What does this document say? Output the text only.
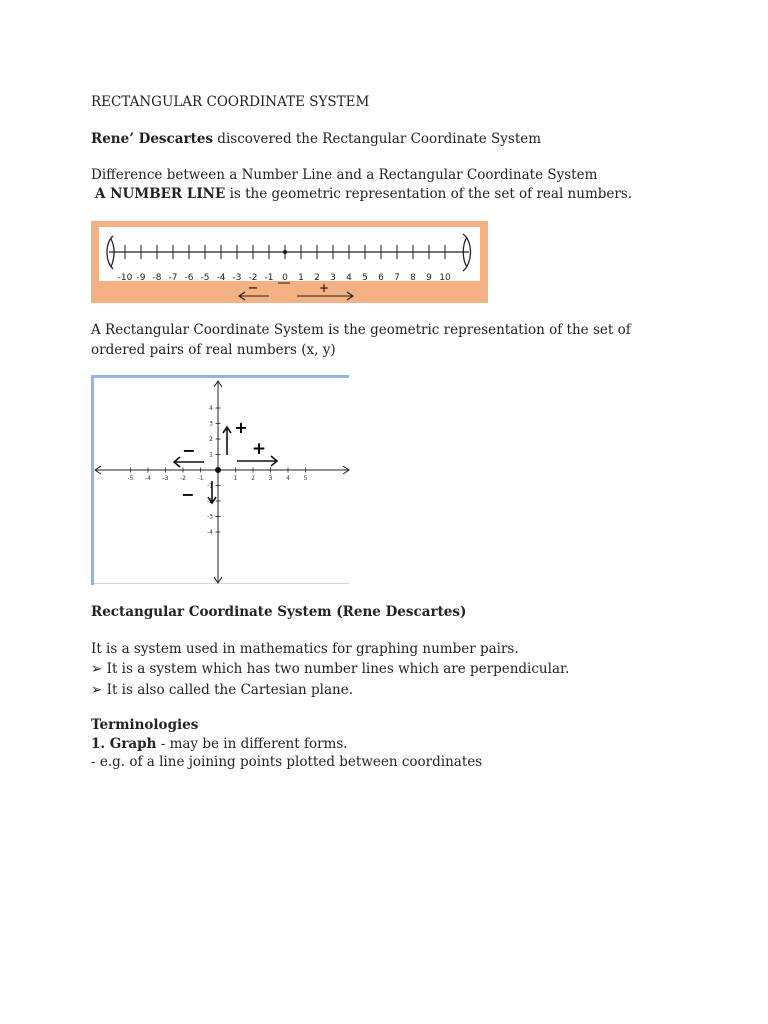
RECTANGULAR COORDINATE SYSTEM
Rene’ Descartes discovered the Rectangular Coordinate System
Difference between a Number Line and a Rectangular Coordinate System
A NUMBER LINE is the geometric representation of the set of real numbers.
-10 -9 -8 -7 -6 -5 -4 -3 -2 -1 0 1 2 3 4 5 6 7 8 9 10
−	+
A Rectangular Coordinate System is the geometric representation of the set of
ordered pairs of real numbers (x, y)
-5 -4 -3 -2 -1	1 2 3 4 5
4
3
2
1
-1
-2
-3
-4
+
−	+
−
Rectangular Coordinate System (Rene Descartes)
It is a system used in mathematics for graphing number pairs.
➢ It is a system which has two number lines which are perpendicular.
➢ It is also called the Cartesian plane.
Terminologies
1. Graph - may be in different forms.
- e.g. of a line joining points plotted between coordinates
